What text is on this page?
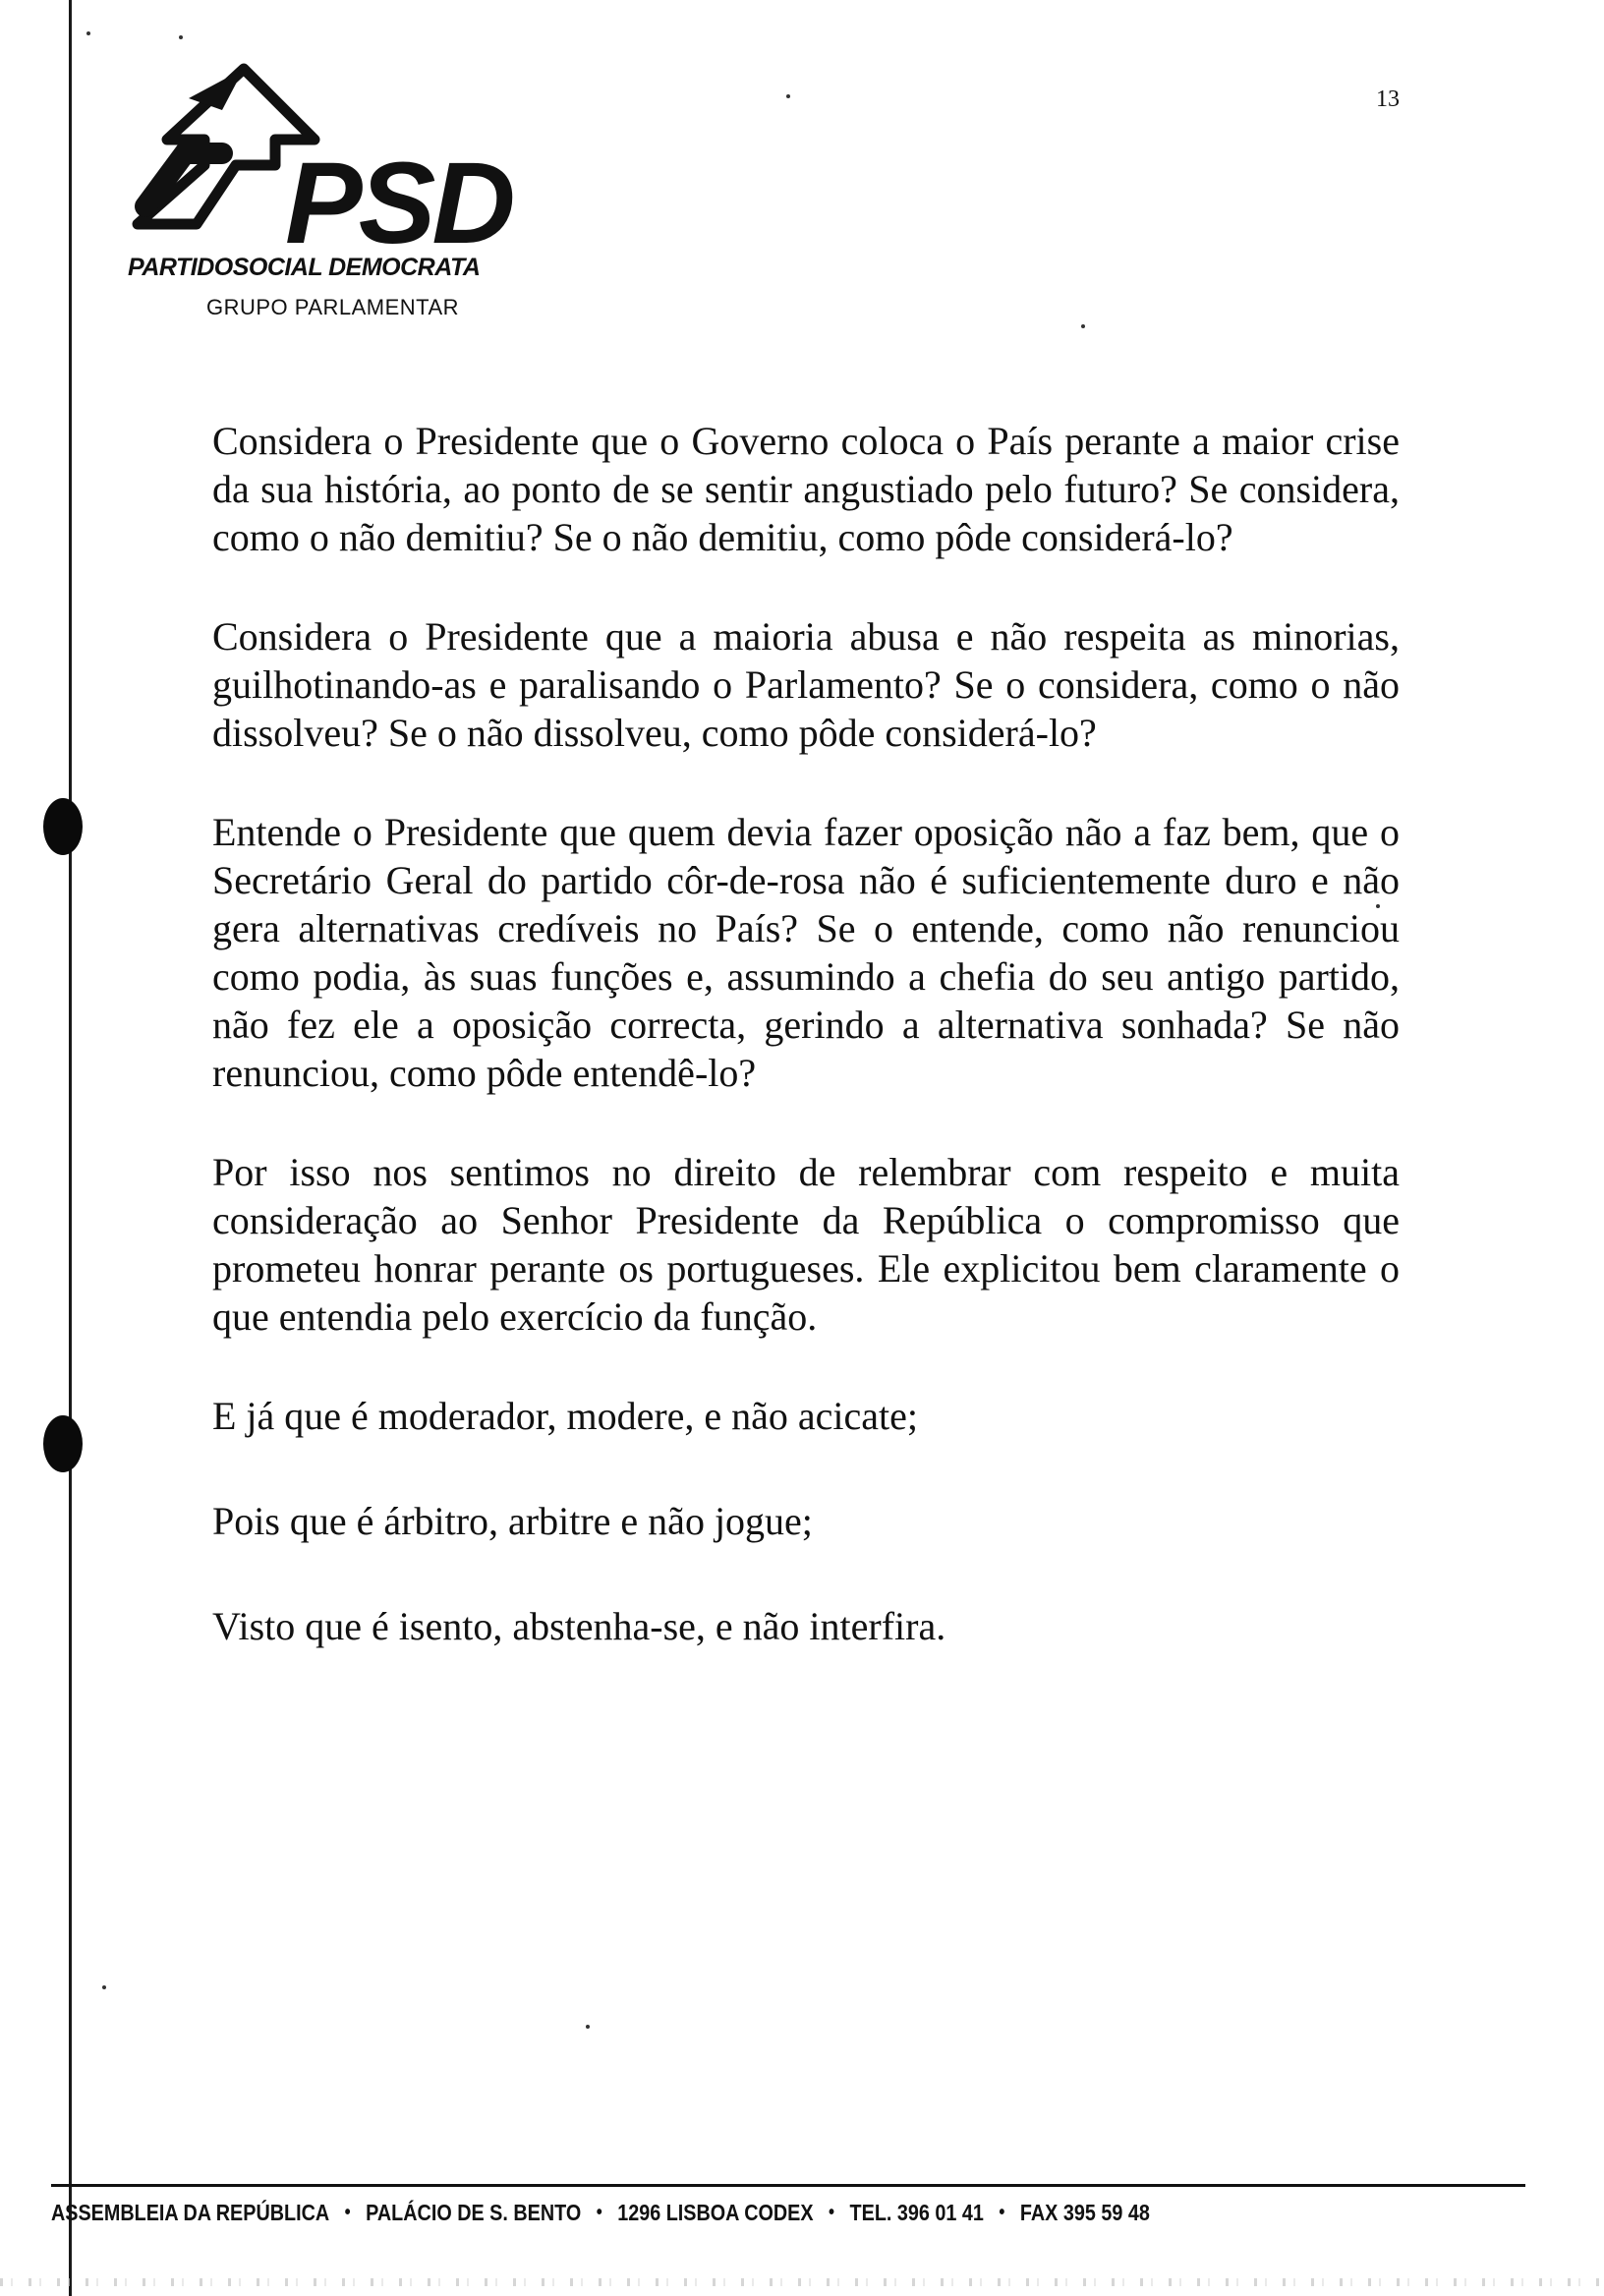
PSD
PARTIDOSOCIAL DEMOCRATA
GRUPO PARLAMENTAR
13

Considera o Presidente que o Governo coloca o País perante a maior crise da sua história, ao ponto de se sentir angustiado pelo futuro? Se considera, como o não demitiu? Se o não demitiu, como pôde considerá-lo?

Considera o Presidente que a maioria abusa e não respeita as minorias, guilhotinando-as e paralisando o Parlamento? Se o considera, como o não dissolveu? Se o não dissolveu, como pôde considerá-lo?

Entende o Presidente que quem devia fazer oposição não a faz bem, que o Secretário Geral do partido côr-de-rosa não é suficientemente duro e não gera alternativas credíveis no País? Se o entende, como não renunciou como podia, às suas funções e, assumindo a chefia do seu antigo partido, não fez ele a oposição correcta, gerindo a alternativa sonhada? Se não renunciou, como pôde entendê-lo?

Por isso nos sentimos no direito de relembrar com respeito e muita consideração ao Senhor Presidente da República o compromisso que prometeu honrar perante os portugueses. Ele explicitou bem claramente o que entendia pelo exercício da função.

E já que é moderador, modere, e não acicate;

Pois que é árbitro, arbitre e não jogue;

Visto que é isento, abstenha-se, e não interfira.

ASSEMBLEIA DA REPÚBLICA • PALÁCIO DE S. BENTO • 1296 LISBOA CODEX • TEL. 396 01 41 • FAX 395 59 48
